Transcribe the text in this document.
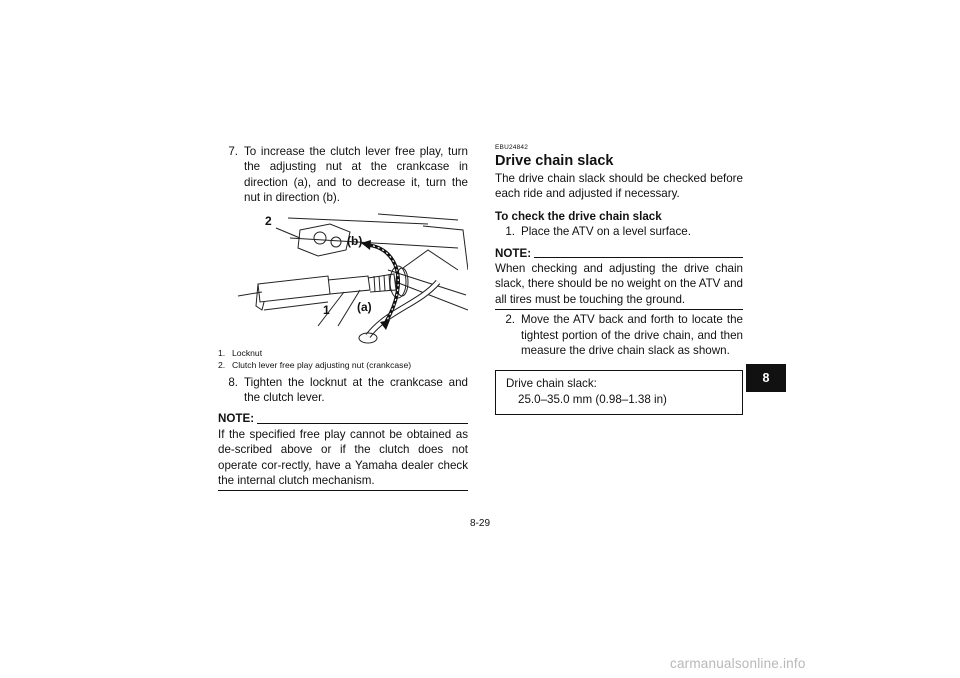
7. To increase the clutch lever free play, turn the adjusting nut at the crankcase in direction (a), and to decrease it, turn the nut in direction (b).
2
(b)
1 (a)
1. Locknut
2. Clutch lever free play adjusting nut (crankcase)
8. Tighten the locknut at the crankcase and the clutch lever.
NOTE:

If the specified free play cannot be obtained as de-scribed above or if the clutch does not operate cor-rectly, have a Yamaha dealer check the internal clutch mechanism.

EBU24842
Drive chain slack

The drive chain slack should be checked before each ride and adjusted if necessary.

To check the drive chain slack
1. Place the ATV on a level surface.
NOTE:

When checking and adjusting the drive chain slack, there should be no weight on the ATV and all tires must be touching the ground.

2. Move the ATV back and forth to locate the tightest portion of the drive chain, and then measure the drive chain slack as shown.
Drive chain slack:
25.0–35.0 mm (0.98–1.38 in)
8
8-29
carmanualsonline.info
